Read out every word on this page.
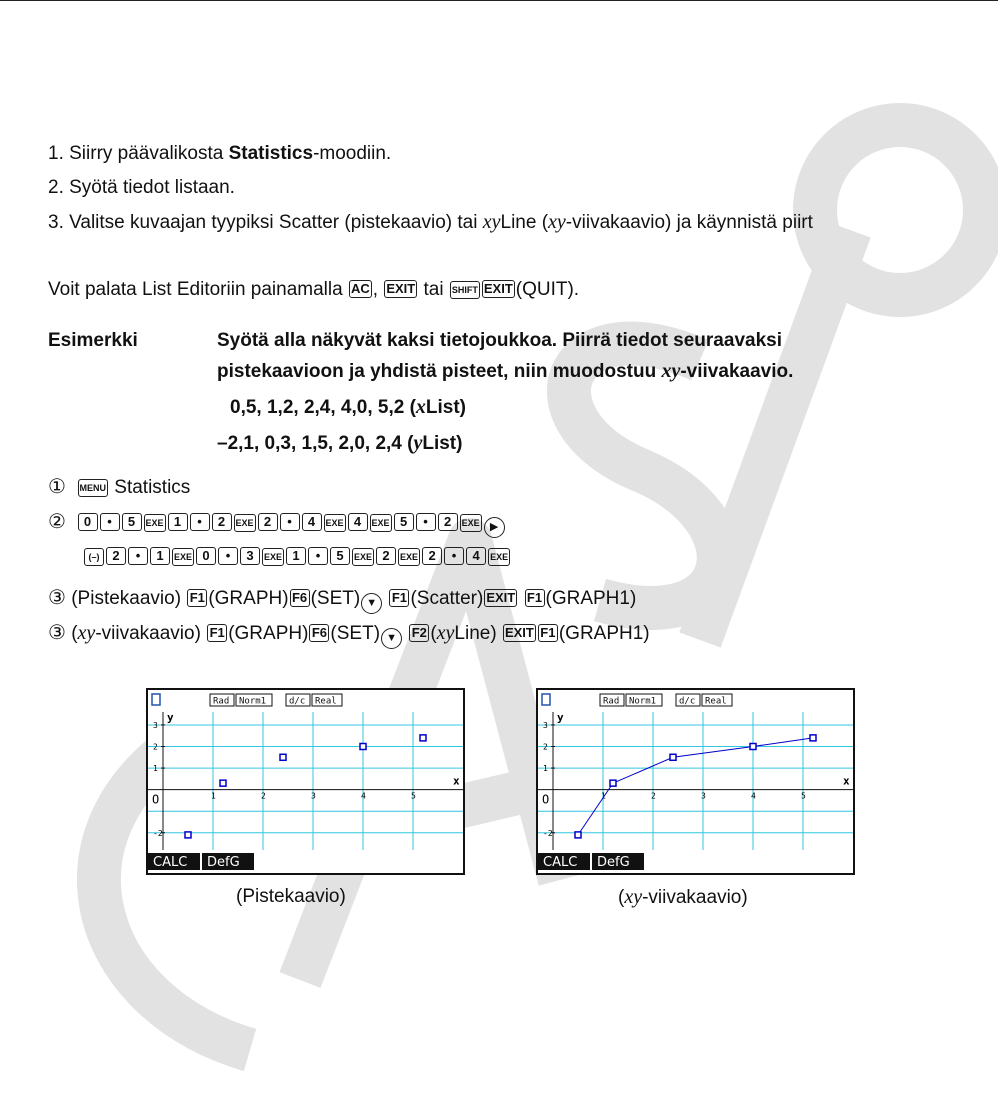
1. Siirry päävalikosta Statistics-moodiin.
2. Syötä tiedot listaan.
3. Valitse kuvaajan tyypiksi Scatter (pistekaavio) tai xyLine (xy-viivakaavio) ja käynnistä piirt
Voit palata List Editoriin painamalla AC , EXIT tai SHIFT EXIT (QUIT).
Esimerkki	Syötä alla näkyvät kaksi tietojoukkoa. Piirrä tiedot seuraavaksi
pistekaavioon ja yhdistä pisteet, niin muodostuu xy-viivakaavio.
0,5, 1,2, 2,4, 4,0, 5,2 (xList)
–2,1, 0,3, 1,5, 2,0, 2,4 (yList)
① MENU Statistics
② 0 • 5 EXE 1 • 2 EXE 2 • 4 EXE 4 EXE 5 • 2 EXE ▶
(–) 2 • 1 EXE 0 • 3 EXE 1 • 5 EXE 2 EXE 2 • 4 EXE
③ (Pistekaavio) F1 (GRAPH) F6 (SET) ▼ F1 (Scatter) EXIT F1 (GRAPH1)
③ (xy-viivakaavio) F1 (GRAPH) F6 (SET) ▼ F2 (xyLine) EXIT F1 (GRAPH1)
Rad Norm1	d/c Real
y
x
O	1	2	3	4	5
3
2
1
-2
CALC DefG
Rad Norm1	d/c Real
y
x
O	1	2	3	4	5
3
2
1
-2
CALC DefG
(Pistekaavio)	(xy-viivakaavio)
